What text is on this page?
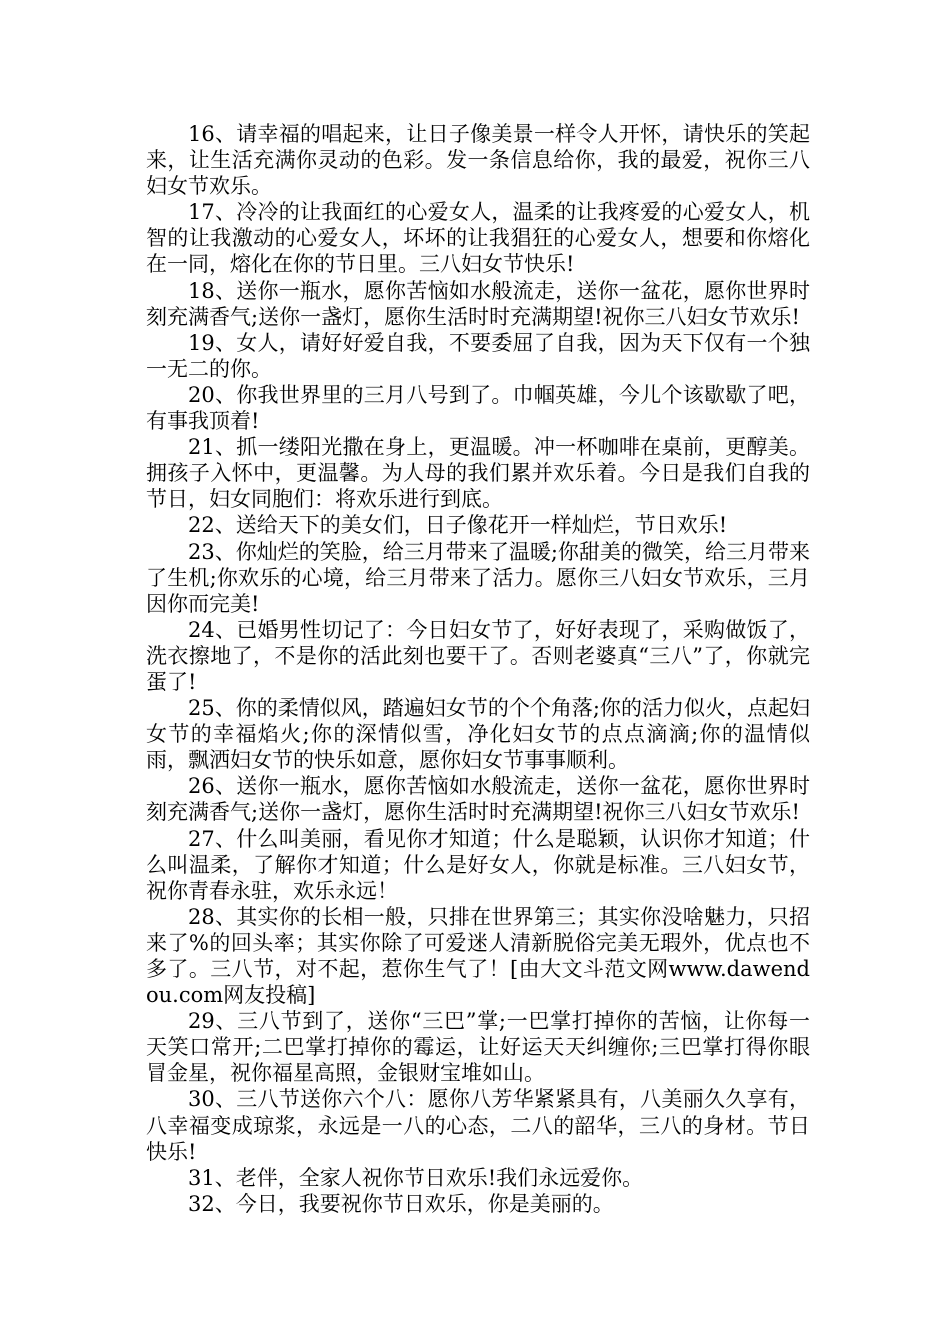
16、请幸福的唱起来，让日子像美景一样令人开怀，请快乐的笑起来，让生活充满你灵动的色彩。发一条信息给你，我的最爱，祝你三八妇女节欢乐。

17、冷冷的让我面红的心爱女人，温柔的让我疼爱的心爱女人，机智的让我激动的心爱女人，坏坏的让我猖狂的心爱女人，想要和你熔化在一同，熔化在你的节日里。三八妇女节快乐!

18、送你一瓶水，愿你苦恼如水般流走，送你一盆花，愿你世界时刻充满香气;送你一盏灯，愿你生活时时充满期望!祝你三八妇女节欢乐!

19、女人，请好好爱自我，不要委屈了自我，因为天下仅有一个独一无二的你。

20、你我世界里的三月八号到了。巾帼英雄，今儿个该歇歇了吧，有事我顶着!

21、抓一缕阳光撒在身上，更温暖。冲一杯咖啡在桌前，更醇美。拥孩子入怀中，更温馨。为人母的我们累并欢乐着。今日是我们自我的节日，妇女同胞们：将欢乐进行到底。

22、送给天下的美女们，日子像花开一样灿烂，节日欢乐!

23、你灿烂的笑脸，给三月带来了温暖;你甜美的微笑，给三月带来了生机;你欢乐的心境，给三月带来了活力。愿你三八妇女节欢乐，三月因你而完美!

24、已婚男性切记了：今日妇女节了，好好表现了，采购做饭了，洗衣擦地了，不是你的活此刻也要干了。否则老婆真“三八”了，你就完蛋了!

25、你的柔情似风，踏遍妇女节的个个角落;你的活力似火，点起妇女节的幸福焰火;你的深情似雪，净化妇女节的点点滴滴;你的温情似雨，飘洒妇女节的快乐如意，愿你妇女节事事顺利。

26、送你一瓶水，愿你苦恼如水般流走，送你一盆花，愿你世界时刻充满香气;送你一盏灯，愿你生活时时充满期望!祝你三八妇女节欢乐!

27、什么叫美丽，看见你才知道；什么是聪颖，认识你才知道；什么叫温柔，了解你才知道；什么是好女人，你就是标准。三八妇女节，祝你青春永驻，欢乐永远！

28、其实你的长相一般，只排在世界第三；其实你没啥魅力，只招来了%的回头率；其实你除了可爱迷人清新脱俗完美无瑕外，优点也不多了。三八节，对不起，惹你生气了！[由大文斗范文网www.dawendou.com网友投稿]

29、三八节到了，送你“三巴”掌;一巴掌打掉你的苦恼，让你每一天笑口常开;二巴掌打掉你的霉运，让好运天天纠缠你;三巴掌打得你眼冒金星，祝你福星高照，金银财宝堆如山。

30、三八节送你六个八：愿你八芳华紧紧具有，八美丽久久享有，八幸福变成琼浆，永远是一八的心态，二八的韶华，三八的身材。节日快乐!

31、老伴，全家人祝你节日欢乐!我们永远爱你。

32、今日，我要祝你节日欢乐，你是美丽的。
